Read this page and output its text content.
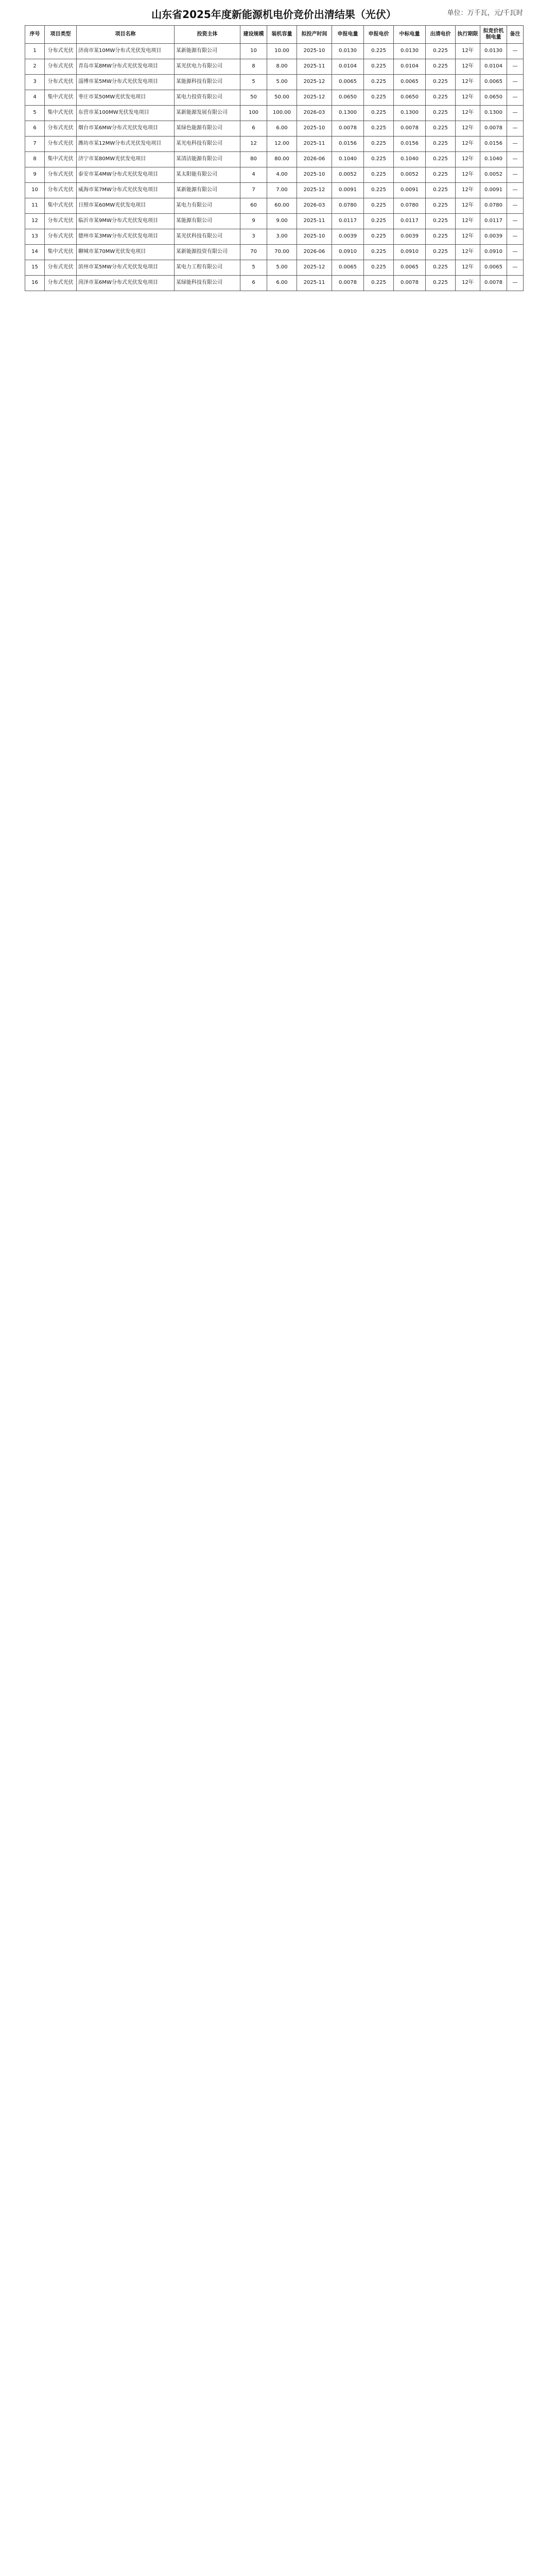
山东省2025年度新能源机电价竞价出清结果（光伏）	单位：万千瓦，元/千瓦时
序号	项目类型	项目名称	投资主体	建设规模	装机容量	拟投产时间	申报电量	申报电价	中标电量	出清电价	执行期限	拟竞价机制电量	备注
1	分布式光伏	济南市某10MW分布式光伏发电项目	某新能源有限公司	10	10.00	2025-10	0.0130	0.225	0.0130	0.225	12年	0.0130	—
2	分布式光伏	青岛市某8MW分布式光伏发电项目	某光伏电力有限公司	8	8.00	2025-11	0.0104	0.225	0.0104	0.225	12年	0.0104	—
3	分布式光伏	淄博市某5MW分布式光伏发电项目	某能源科技有限公司	5	5.00	2025-12	0.0065	0.225	0.0065	0.225	12年	0.0065	—
4	集中式光伏	枣庄市某50MW光伏发电项目	某电力投资有限公司	50	50.00	2025-12	0.0650	0.225	0.0650	0.225	12年	0.0650	—
5	集中式光伏	东营市某100MW光伏发电项目	某新能源发展有限公司	100	100.00	2026-03	0.1300	0.225	0.1300	0.225	12年	0.1300	—
6	分布式光伏	烟台市某6MW分布式光伏发电项目	某绿色能源有限公司	6	6.00	2025-10	0.0078	0.225	0.0078	0.225	12年	0.0078	—
7	分布式光伏	潍坊市某12MW分布式光伏发电项目	某光电科技有限公司	12	12.00	2025-11	0.0156	0.225	0.0156	0.225	12年	0.0156	—
8	集中式光伏	济宁市某80MW光伏发电项目	某清洁能源有限公司	80	80.00	2026-06	0.1040	0.225	0.1040	0.225	12年	0.1040	—
9	分布式光伏	泰安市某4MW分布式光伏发电项目	某太阳能有限公司	4	4.00	2025-10	0.0052	0.225	0.0052	0.225	12年	0.0052	—
10	分布式光伏	威海市某7MW分布式光伏发电项目	某新能源有限公司	7	7.00	2025-12	0.0091	0.225	0.0091	0.225	12年	0.0091	—
11	集中式光伏	日照市某60MW光伏发电项目	某电力有限公司	60	60.00	2026-03	0.0780	0.225	0.0780	0.225	12年	0.0780	—
12	分布式光伏	临沂市某9MW分布式光伏发电项目	某能源有限公司	9	9.00	2025-11	0.0117	0.225	0.0117	0.225	12年	0.0117	—
13	分布式光伏	德州市某3MW分布式光伏发电项目	某光伏科技有限公司	3	3.00	2025-10	0.0039	0.225	0.0039	0.225	12年	0.0039	—
14	集中式光伏	聊城市某70MW光伏发电项目	某新能源投资有限公司	70	70.00	2026-06	0.0910	0.225	0.0910	0.225	12年	0.0910	—
15	分布式光伏	滨州市某5MW分布式光伏发电项目	某电力工程有限公司	5	5.00	2025-12	0.0065	0.225	0.0065	0.225	12年	0.0065	—
16	分布式光伏	菏泽市某6MW分布式光伏发电项目	某绿能科技有限公司	6	6.00	2025-11	0.0078	0.225	0.0078	0.225	12年	0.0078	—
